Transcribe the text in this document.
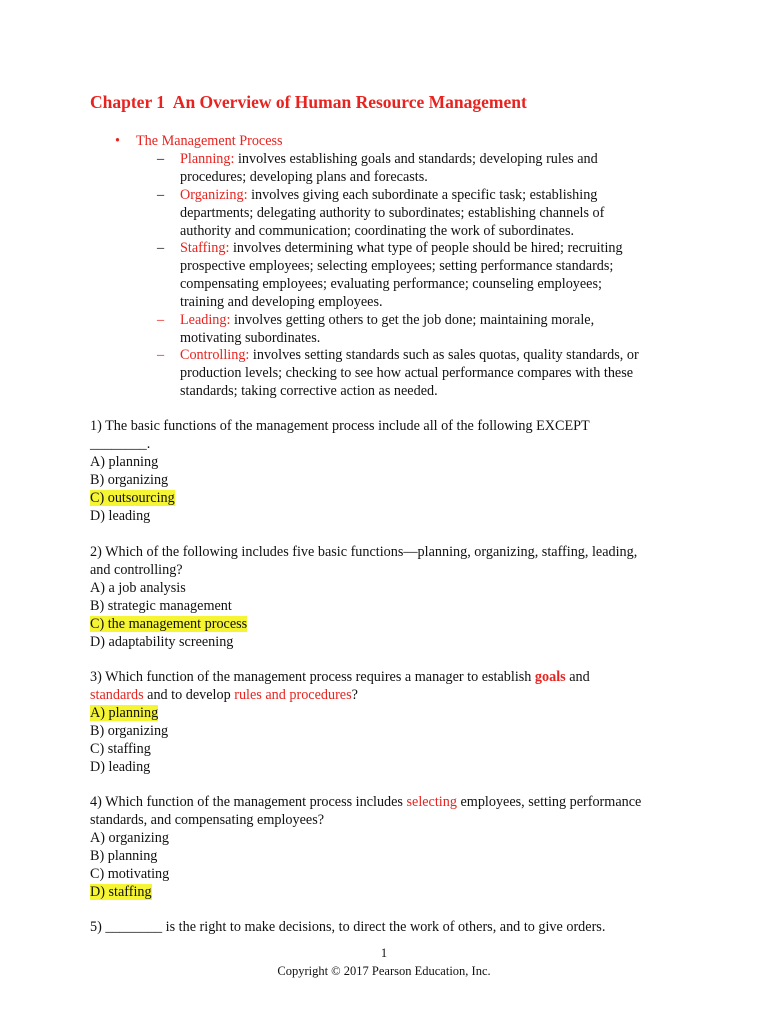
Chapter 1  An Overview of Human Resource Management
• The Management Process
– Planning: involves establishing goals and standards; developing rules and
procedures; developing plans and forecasts.
– Organizing: involves giving each subordinate a specific task; establishing
departments; delegating authority to subordinates; establishing channels of
authority and communication; coordinating the work of subordinates.
– Staffing: involves determining what type of people should be hired; recruiting
prospective employees; selecting employees; setting performance standards;
compensating employees; evaluating performance; counseling employees;
training and developing employees.
– Leading: involves getting others to get the job done; maintaining morale,
motivating subordinates.
– Controlling: involves setting standards such as sales quotas, quality standards, or
production levels; checking to see how actual performance compares with these
standards; taking corrective action as needed.
1) The basic functions of the management process include all of the following EXCEPT
________.
A) planning
B) organizing
C) outsourcing
D) leading
2) Which of the following includes five basic functions—planning, organizing, staffing, leading,
and controlling?
A) a job analysis
B) strategic management
C) the management process
D) adaptability screening
3) Which function of the management process requires a manager to establish goals and
standards and to develop rules and procedures?
A) planning
B) organizing
C) staffing
D) leading
4) Which function of the management process includes selecting employees, setting performance
standards, and compensating employees?
A) organizing
B) planning
C) motivating
D) staffing
5) ________ is the right to make decisions, to direct the work of others, and to give orders.
1
Copyright © 2017 Pearson Education, Inc.
